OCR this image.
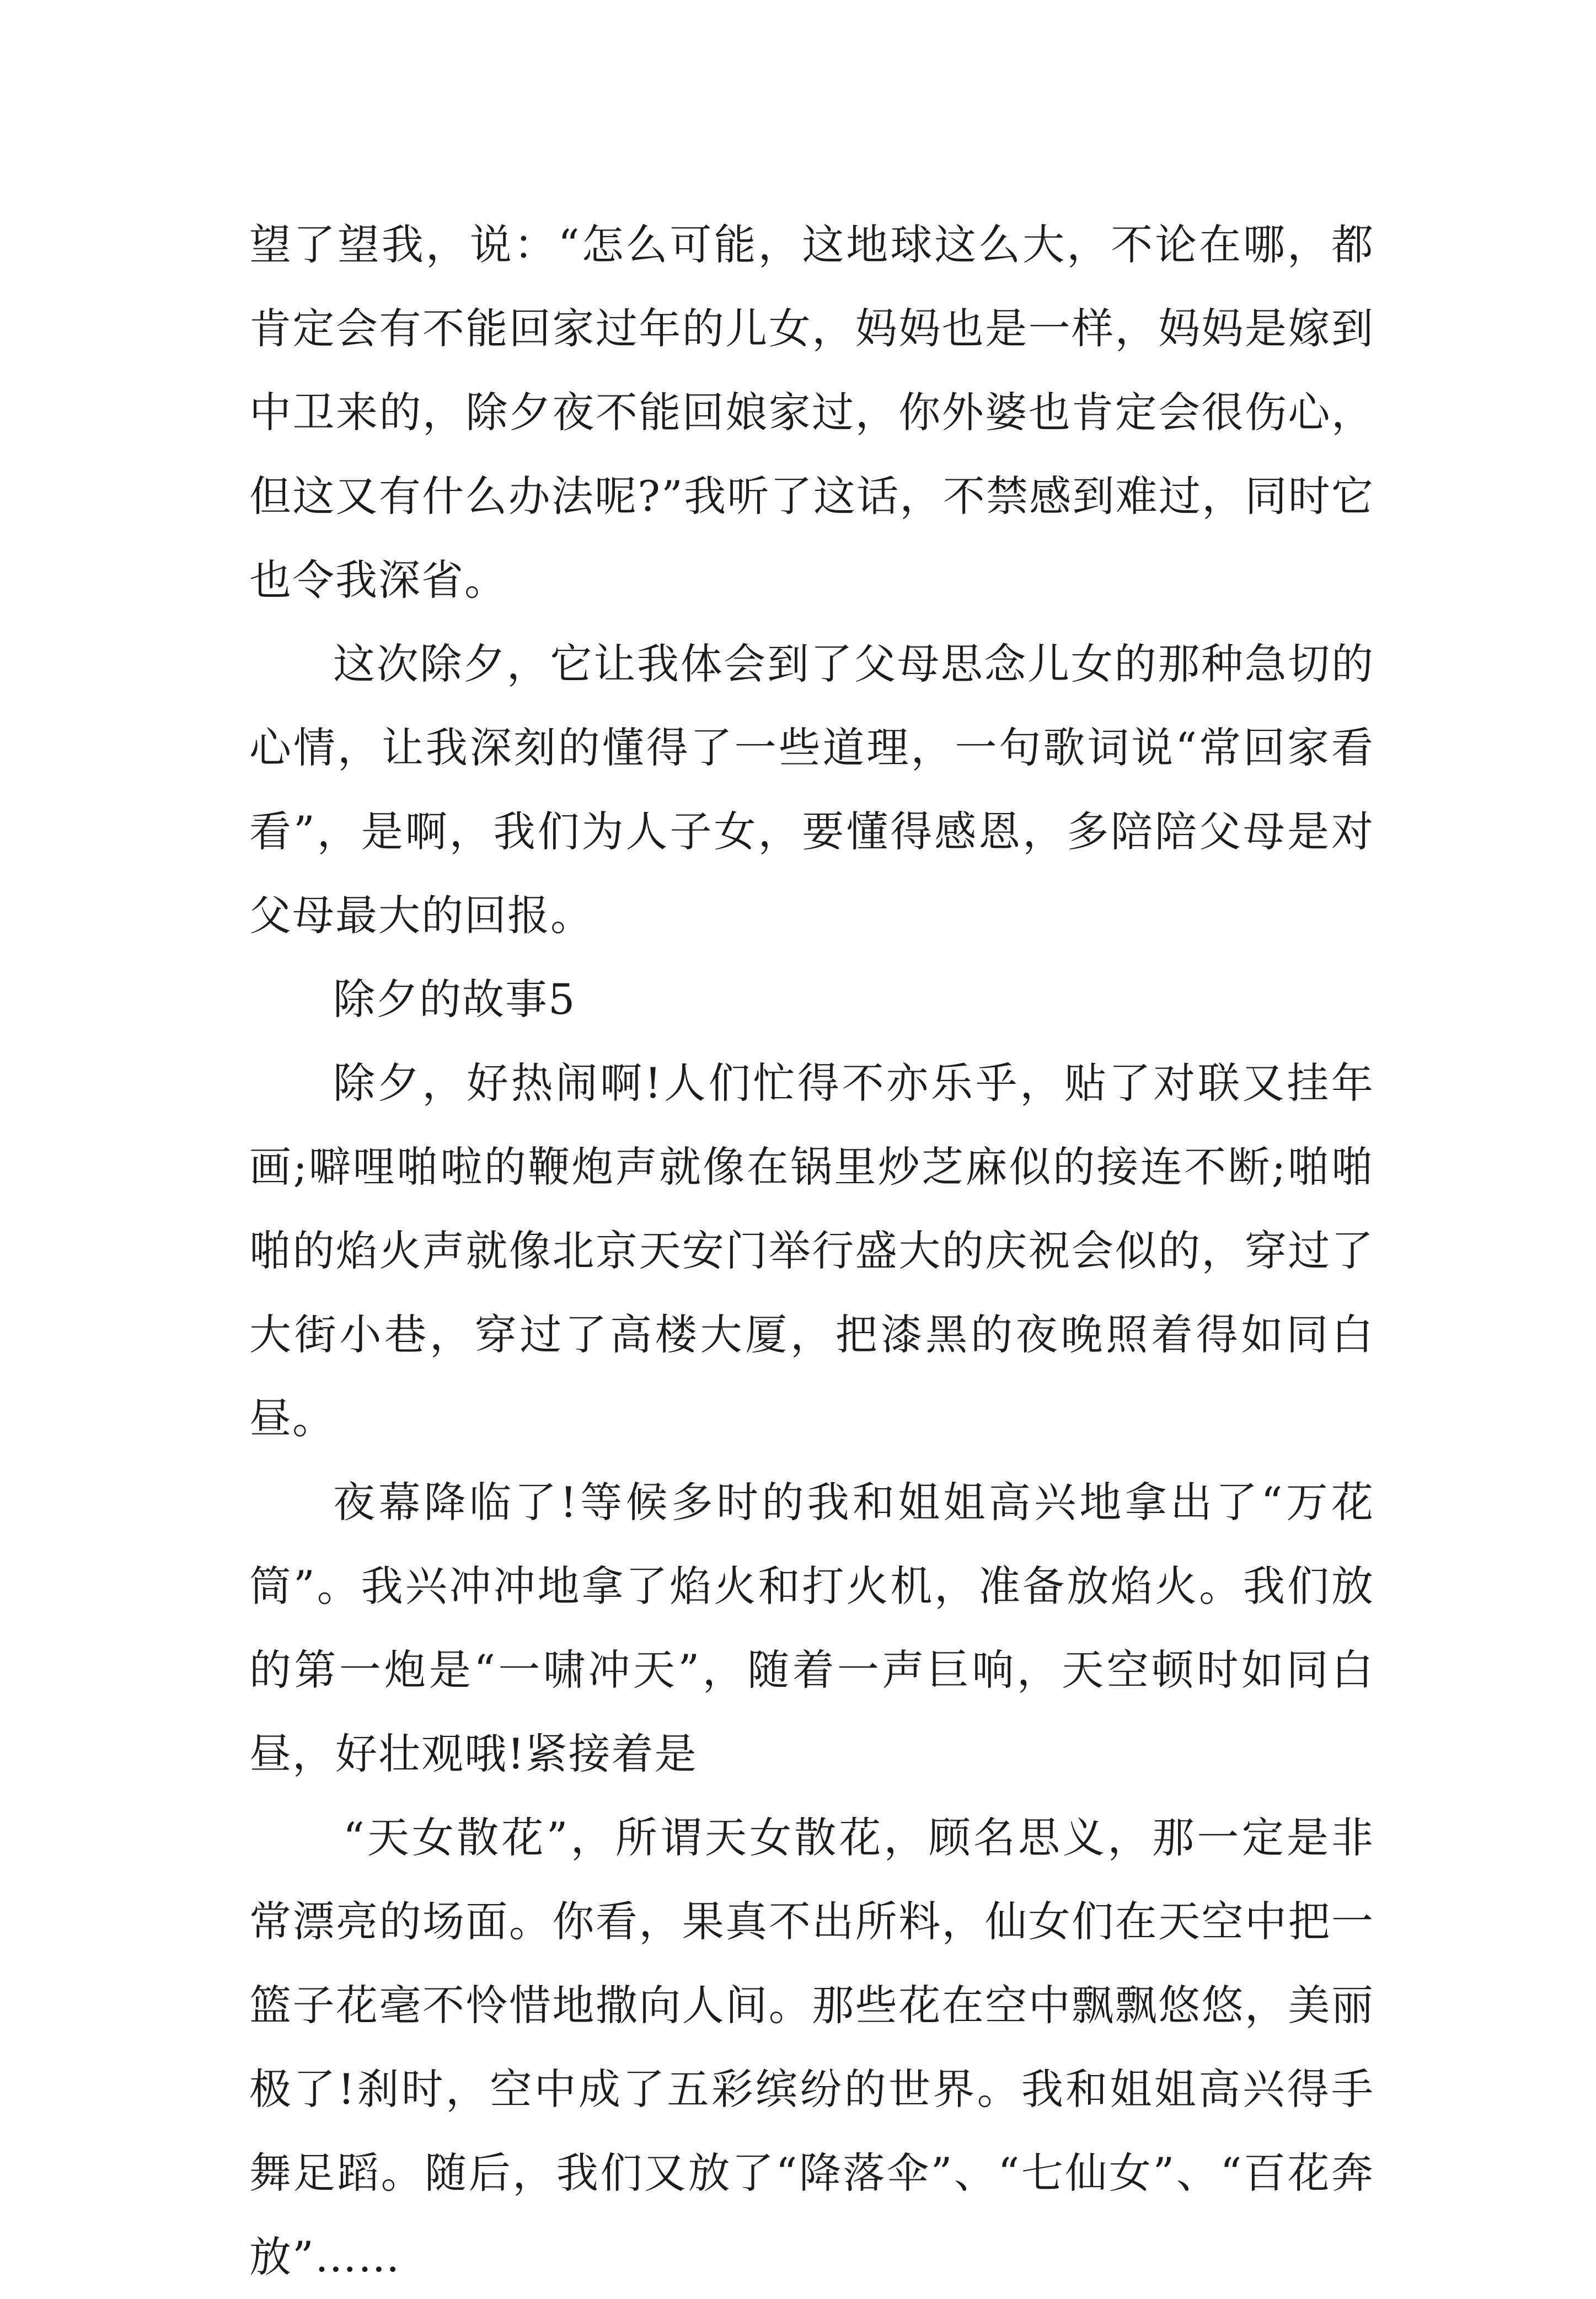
望了望我，说：“怎么可能，这地球这么大，不论在哪，都肯定会有不能回家过年的儿女，妈妈也是一样，妈妈是嫁到中卫来的，除夕夜不能回娘家过，你外婆也肯定会很伤心，但这又有什么办法呢?”我听了这话，不禁感到难过，同时它也令我深省。

这次除夕，它让我体会到了父母思念儿女的那种急切的心情，让我深刻的懂得了一些道理，一句歌词说“常回家看看”，是啊，我们为人子女，要懂得感恩，多陪陪父母是对父母最大的回报。

除夕的故事5

除夕，好热闹啊!人们忙得不亦乐乎，贴了对联又挂年画;噼哩啪啦的鞭炮声就像在锅里炒芝麻似的接连不断;啪啪啪的焰火声就像北京天安门举行盛大的庆祝会似的，穿过了大街小巷，穿过了高楼大厦，把漆黑的夜晚照着得如同白昼。

夜幕降临了!等候多时的我和姐姐高兴地拿出了“万花筒”。我兴冲冲地拿了焰火和打火机，准备放焰火。我们放的第一炮是“一啸冲天”，随着一声巨响，天空顿时如同白昼，好壮观哦!紧接着是

“天女散花”，所谓天女散花，顾名思义，那一定是非常漂亮的场面。你看，果真不出所料，仙女们在天空中把一篮子花毫不怜惜地撒向人间。那些花在空中飘飘悠悠，美丽极了!刹时，空中成了五彩缤纷的世界。我和姐姐高兴得手舞足蹈。随后，我们又放了“降落伞”、“七仙女”、“百花奔放”……
